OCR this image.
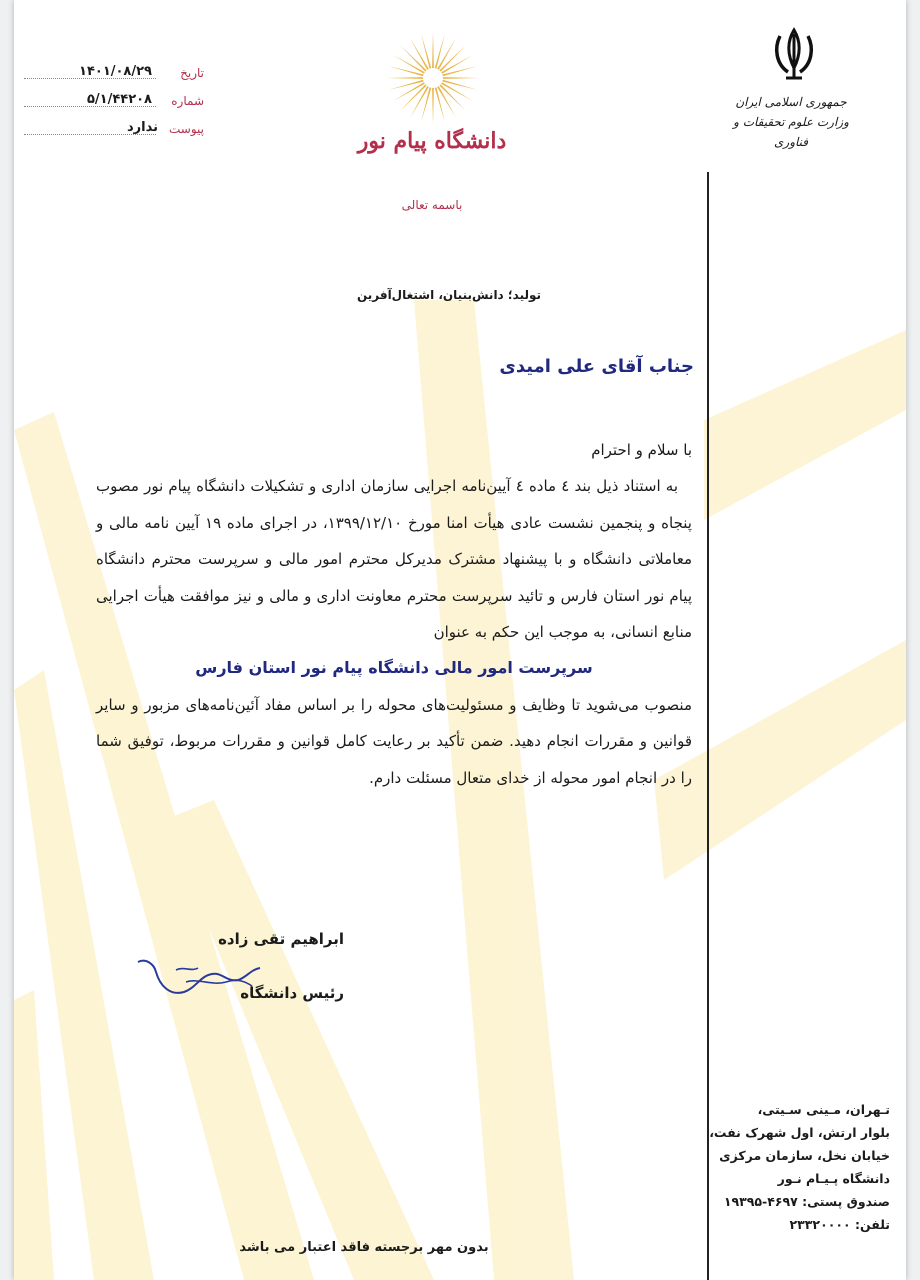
تاریخ
۱۴۰۱/۰۸/۲۹
شماره
۵/۱/۴۴۲۰۸
پیوست
ندارد
دانشگاه پیام نور
باسمه تعالی
جمهوری اسلامی ایران
وزارت علوم تحقیقات و فناوری
تولید؛ دانش‌بنیان، اشتغال‌آفرین
جناب آقای علی امیدی

با سلام و احترام

به استناد ذیل بند ٤ ماده ٤ آیین‌نامه اجرایی سازمان اداری و تشکیلات دانشگاه پیام نور مصوب پنجاه و پنجمین نشست عادی هیأت امنا مورخ ۱۳۹۹/۱۲/۱۰، در اجرای ماده ۱۹ آیین نامه مالی و معاملاتی دانشگاه و با پیشنهاد مشترک مدیرکل محترم امور مالی و سرپرست محترم دانشگاه پیام نور استان فارس و تائید سرپرست محترم معاونت اداری و مالی و نیز موافقت هیأت اجرایی منابع انسانی، به موجب این حکم به عنوان

سرپرست امور مالی دانشگاه پیام نور استان فارس

منصوب می‌شوید تا وظایف و مسئولیت‌های محوله را بر اساس مفاد آئین‌نامه‌های مزبور و سایر قوانین و مقررات انجام دهید. ضمن تأکید بر رعایت کامل قوانین و مقررات مربوط، توفیق شما را در انجام امور محوله از خدای متعال مسئلت دارم.

ابراهیم تقی زاده
رئیس دانشگاه
تـهران، مـینی سـیتی،
بلوار ارتش، اول شهرک نفت،
خیابان نخل، سازمان مرکزی
دانشگاه پـیـام نـور
صندوق پستی: ۴۶۹۷-۱۹۳۹۵
تلفن: ۲۳۳۲۰۰۰۰
بدون مهر برجسته فاقد اعتبار می باشد
